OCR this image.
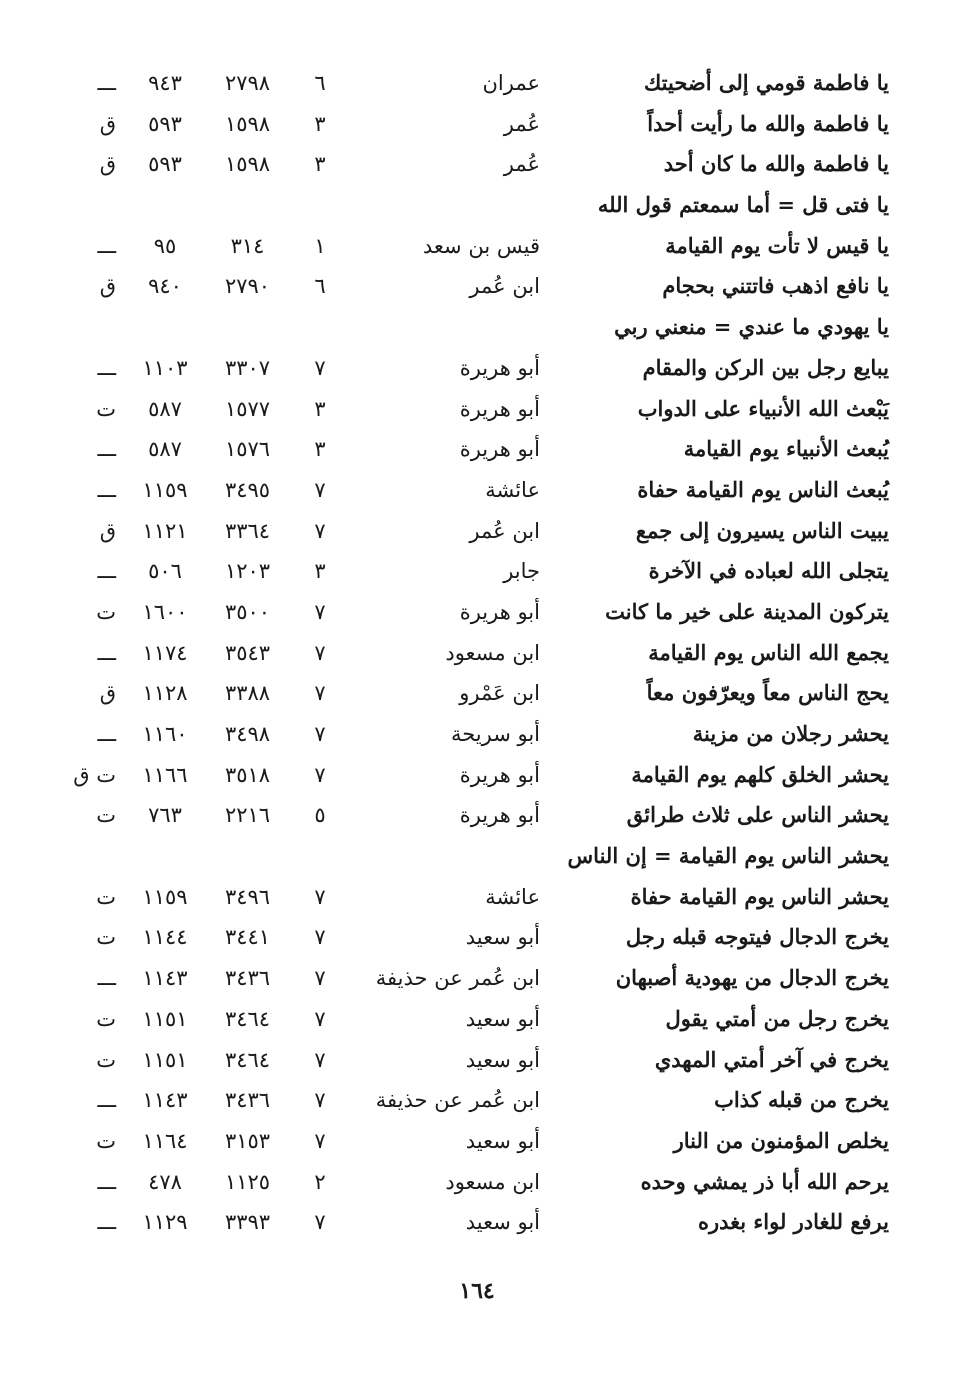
يا فاطمة قومي إلى أضحيتك
عمران
٦
٢٧٩٨
٩٤٣
ـــ
يا فاطمة والله ما رأيت أحداً
عُمر
٣
١٥٩٨
٥٩٣
ق
يا فاطمة والله ما كان أحد
عُمر
٣
١٥٩٨
٥٩٣
ق
يا فتى قل = أما سمعتم قول الله
يا قيس لا تأت يوم القيامة
قيس بن سعد
١
٣١٤
٩٥
ـــ
يا نافع اذهب فاتتني بحجام
ابن عُمر
٦
٢٧٩٠
٩٤٠
ق
يا يهودي ما عندي = منعني ربي
يبايع رجل بين الركن والمقام
أبو هريرة
٧
٣٣٠٧
١١٠٣
ـــ
يَبْعث الله الأنبياء على الدواب
أبو هريرة
٣
١٥٧٧
٥٨٧
ت
يُبعث الأنبياء يوم القيامة
أبو هريرة
٣
١٥٧٦
٥٨٧
ـــ
يُبعث الناس يوم القيامة حفاة
عائشة
٧
٣٤٩٥
١١٥٩
ـــ
يبيت الناس يسيرون إلى جمع
ابن عُمر
٧
٣٣٦٤
١١٢١
ق
يتجلى الله لعباده في الآخرة
جابر
٣
١٢٠٣
٥٠٦
ـــ
يتركون المدينة على خير ما كانت
أبو هريرة
٧
٣٥٠٠
١٦٠٠
ت
يجمع الله الناس يوم القيامة
ابن مسعود
٧
٣٥٤٣
١١٧٤
ـــ
يحج الناس معاً ويعرّفون معاً
ابن عَمْرو
٧
٣٣٨٨
١١٢٨
ق
يحشر رجلان من مزينة
أبو سريحة
٧
٣٤٩٨
١١٦٠
ـــ
يحشر الخلق كلهم يوم القيامة
أبو هريرة
٧
٣٥١٨
١١٦٦
ت ق
يحشر الناس على ثلاث طرائق
أبو هريرة
٥
٢٢١٦
٧٦٣
ت
يحشر الناس يوم القيامة = إن الناس
يحشر الناس يوم القيامة حفاة
عائشة
٧
٣٤٩٦
١١٥٩
ت
يخرج الدجال فيتوجه قبله رجل
أبو سعيد
٧
٣٤٤١
١١٤٤
ت
يخرج الدجال من يهودية أصبهان
ابن عُمر عن حذيفة
٧
٣٤٣٦
١١٤٣
ـــ
يخرج رجل من أمتي يقول
أبو سعيد
٧
٣٤٦٤
١١٥١
ت
يخرج في آخر أمتي المهدي
أبو سعيد
٧
٣٤٦٤
١١٥١
ت
يخرج من قبله كذاب
ابن عُمر عن حذيفة
٧
٣٤٣٦
١١٤٣
ـــ
يخلص المؤمنون من النار
أبو سعيد
٧
٣١٥٣
١١٦٤
ت
يرحم الله أبا ذر يمشي وحده
ابن مسعود
٢
١١٢٥
٤٧٨
ـــ
يرفع للغادر لواء بغدره
أبو سعيد
٧
٣٣٩٣
١١٢٩
ـــ
١٦٤
